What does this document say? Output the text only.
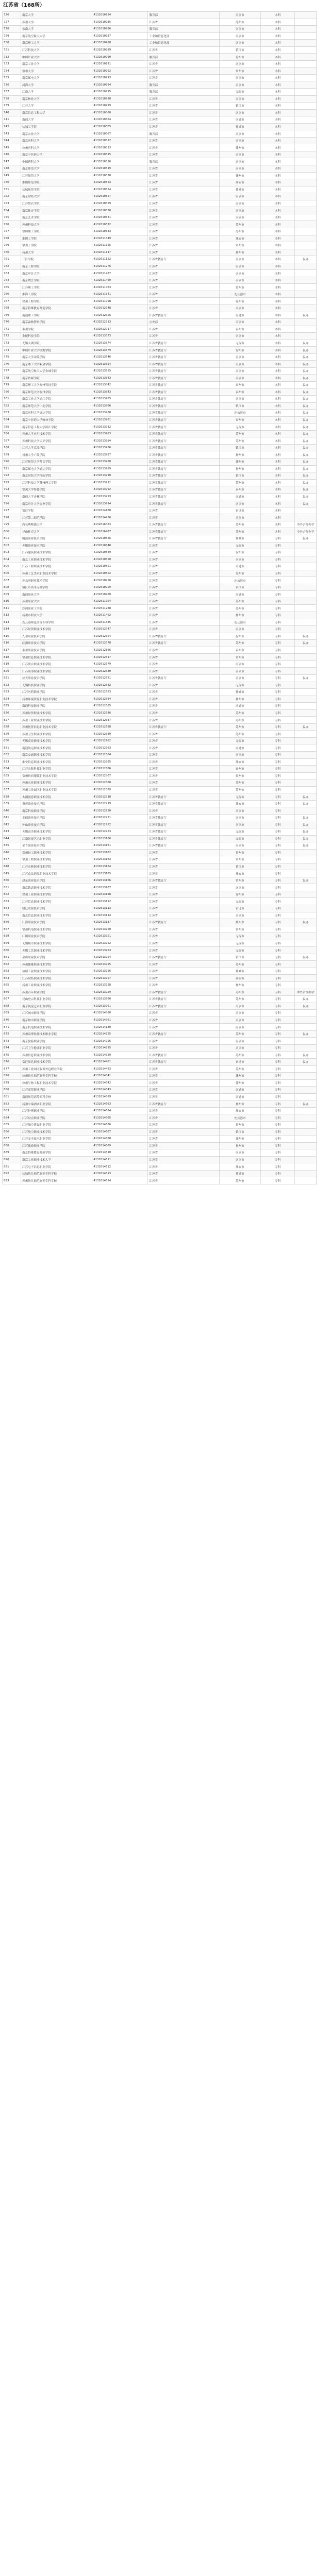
江苏省（168所）
726	南京大学	4132010284	教育部	南京市	本科	
727	苏州大学	4132010285	江苏省	苏州市	本科	
728	东南大学	4132010286	教育部	南京市	本科	
729	南京航空航天大学	4132010287	工业和信息化部	南京市	本科	
730	南京理工大学	4132010288	工业和信息化部	南京市	本科	
731	江苏科技大学	4132010289	江苏省	镇江市	本科	
732	中国矿业大学	4132010290	教育部	徐州市	本科	
733	南京工业大学	4132010291	江苏省	南京市	本科	
734	常州大学	4132010292	江苏省	常州市	本科	
735	南京邮电大学	4132010293	江苏省	南京市	本科	
736	河海大学	4132010294	教育部	南京市	本科	
737	江南大学	4132010295	教育部	无锡市	本科	
738	南京林业大学	4132010298	江苏省	南京市	本科	
739	江苏大学	4132010299	江苏省	镇江市	本科	
740	南京信息工程大学	4132010300	江苏省	南京市	本科	
741	南通大学	4132010304	江苏省	南通市	本科	
742	盐城工学院	4132010305	江苏省	盐城市	本科	
743	南京农业大学	4132010307	教育部	南京市	本科	
744	南京医科大学	4132010312	江苏省	南京市	本科	
745	徐州医科大学	4132010313	江苏省	徐州市	本科	
746	南京中医药大学	4132010315	江苏省	南京市	本科	
747	中国药科大学	4132010316	教育部	南京市	本科	
748	南京师范大学	4132010319	江苏省	南京市	本科	
749	江苏师范大学	4132010320	江苏省	徐州市	本科	
750	淮阴师范学院	4132010323	江苏省	淮安市	本科	
751	盐城师范学院	4132010324	江苏省	盐城市	本科	
752	南京财经大学	4132010327	江苏省	南京市	本科	
753	江苏警官学院	4132010329	江苏省	南京市	本科	
754	南京体育学院	4132010330	江苏省	南京市	本科	
755	南京艺术学院	4132010331	江苏省	南京市	本科	
756	苏州科技大学	4132010332	江苏省	苏州市	本科	
757	常熟理工学院	4132010333	江苏省	苏州市	本科	
758	淮阴工学院	4132011049	江苏省	淮安市	本科	
759	常州工学院	4132011055	江苏省	常州市	本科	
760	扬州大学	4132011117	江苏省	扬州市	本科	
761	三江学院	4132011122	江苏省教育厅	南京市	本科	民办
762	南京工程学院	4132011276	江苏省	南京市	本科	
763	南京审计大学	4132011287	江苏省	南京市	本科	
764	南京晓庄学院	4132011460	江苏省	南京市	本科	
765	江苏理工学院	4132011463	江苏省	常州市	本科	
766	淮海工学院	4132011641	江苏省	连云港市	本科	
767	徐州工程学院	4132011998	江苏省	徐州市	本科	
768	南京特殊教育师范学院	4132012048	江苏省	南京市	本科	
769	南通理工学院	4132012056	江苏省教育厅	南通市	本科	民办
770	南京森林警察学院	4132012213	公安部	南京市	本科	
771	泰州学院	4132012917	江苏省	泰州市	本科	
772	金陵科技学院	4132013573	江苏省	南京市	本科	
773	无锡太湖学院	4132013574	江苏省教育厅	无锡市	本科	民办
774	中国矿业大学徐海学院	4132013579	江苏省教育厅	徐州市	本科	民办
775	南京大学金陵学院	4132013646	江苏省教育厅	南京市	本科	民办
776	南京理工大学紫金学院	4132013654	江苏省教育厅	南京市	本科	民办
777	南京航空航天大学金城学院	4132013655	江苏省教育厅	南京市	本科	民办
778	南京传媒学院	4132013843	江苏省教育厅	南京市	本科	民办
779	南京理工大学泰州科技学院	4132013842	江苏省教育厅	泰州市	本科	民办
780	南京师范大学泰州学院	4132013843	江苏省教育厅	泰州市	本科	民办
781	南京工业大学浦江学院	4132013905	江苏省教育厅	南京市	本科	民办
782	南京师范大学中北学院	4132013906	江苏省教育厅	镇江市	本科	民办
783	南京医科大学康达学院	4132013980	江苏省教育厅	连云港市	本科	民办
784	南京中医药大学翰林学院	4132013981	江苏省教育厅	泰州市	本科	民办
785	南京信息工程大学滨江学院	4132013982	江苏省教育厅	无锡市	本科	民办
786	苏州大学应用技术学院	4132013983	江苏省教育厅	苏州市	本科	民办
787	苏州科技大学天平学院	4132013984	江苏省教育厅	苏州市	本科	民办
788	江苏大学京江学院	4132013986	江苏省教育厅	镇江市	本科	民办
789	扬州大学广陵学院	4132013987	江苏省教育厅	扬州市	本科	民办
790	江苏师范大学科文学院	4132013988	江苏省教育厅	徐州市	本科	民办
791	南京邮电大学通达学院	4132013989	江苏省教育厅	扬州市	本科	民办
792	南京财经大学红山学院	4132013990	江苏省教育厅	镇江市	本科	民办
793	江苏科技大学苏州理工学院	4132013991	江苏省教育厅	苏州市	本科	民办
794	常州大学怀德学院	4132013992	江苏省教育厅	泰州市	本科	民办
795	南通大学杏林学院	4132013993	江苏省教育厅	南通市	本科	民办
796	南京审计大学金审学院	4132013994	江苏省教育厅	南京市	本科	民办
797	宿迁学院	4132014160	江苏省	宿迁市	本科	
798	江苏第二师范学院	4132014436	江苏省	南京市	本科	
799	西交利物浦大学	4132016403	江苏省教育厅	苏州市	本科	中外合作办学
800	昆山杜克大学	4132016407	江苏省教育厅	苏州市	本科	中外合作办学
801	明达职业技术学院	4132010826	江苏省教育厅	盐城市	专科	民办
802	无锡职业技术学院	4132010848	江苏省	无锡市	专科	
803	江苏建筑职业技术学院	4132010849	江苏省	徐州市	专科	
804	南京工业职业技术学院	4132010850	江苏省	南京市	专科	
805	江苏工程职业技术学院	4132010851	江苏省	南通市	专科	
806	苏州工艺美术职业技术学院	4132010852	江苏省	苏州市	专科	
807	连云港职业技术学院	4132010958	江苏省	连云港市	专科	
808	镇江市高等专科学校	4132010959	江苏省	镇江市	专科	
809	南通职业大学	4132010960	江苏省	南通市	专科	
810	苏州职业大学	4132011054	江苏省	苏州市	专科	
811	沙洲职业工学院	4132011288	江苏省	苏州市	专科	
812	扬州市职业大学	4132011462	江苏省	扬州市	专科	
813	连云港师范高等专科学校	4132011585	江苏省	连云港市	专科	
814	江苏经贸职业技术学院	4132012047	江苏省	南京市	专科	
815	九州职业技术学院	4132012054	江苏省教育厅	徐州市	专科	民办
816	硅湖职业技术学院	4132012078	江苏省教育厅	苏州市	专科	民办
817	泰州职业技术学院	4132012106	江苏省	泰州市	专科	
818	常州信息职业技术学院	4132012317	江苏省	常州市	专科	
819	江苏联合职业技术学院	4132012679	江苏省	南京市	专科	
820	江苏海事职业技术学院	4132012680	江苏省	南京市	专科	
821	应天职业技术学院	4132012681	江苏省教育厅	南京市	专科	民办
822	无锡科技职业学院	4132012682	江苏省	无锡市	专科	
823	江苏医药职业学院	4132012683	江苏省	盐城市	专科	
824	扬州环境资源职业技术学院	4132012684	江苏省	扬州市	专科	
825	南通科技职业学院	4132012685	江苏省	南通市	专科	
826	苏州经贸职业技术学院	4132012686	江苏省	苏州市	专科	
827	苏州工业职业技术学院	4132012687	江苏省	苏州市	专科	
828	苏州托普信息职业技术学院	4132012688	江苏省教育厅	苏州市	专科	民办
829	苏州卫生职业技术学院	4132012689	江苏省	苏州市	专科	
830	无锡商业职业技术学院	4132012702	江苏省	无锡市	专科	
831	南通航运职业技术学院	4132012703	江苏省	南通市	专科	
832	南京交通职业技术学院	4132012804	江苏省	南京市	专科	
833	淮安信息职业技术学院	4132012805	江苏省	淮安市	专科	
834	江苏农牧科技职业学院	4132012806	江苏省	泰州市	专科	
835	常州纺织服装职业技术学院	4132012807	江苏省	常州市	专科	
836	苏州农业职业技术学院	4132012808	江苏省	苏州市	专科	
837	苏州工业园区职业技术学院	4132012809	江苏省	苏州市	专科	
838	太湖创意职业技术学院	4132012918	江苏省教育厅	无锡市	专科	民办
839	炎黄职业技术学院	4132012919	江苏省教育厅	淮安市	专科	民办
840	南京科技职业学院	4132012920	江苏省	南京市	专科	
841	正德职业技术学院	4132012921	江苏省教育厅	南京市	专科	民办
842	钟山职业技术学院	4132012922	江苏省教育厅	南京市	专科	民办
843	无锡南洋职业技术学院	4132012923	江苏省教育厅	无锡市	专科	民办
844	江南影视艺术职业学院	4132013100	江苏省教育厅	无锡市	专科	民办
845	金肯职业技术学院	4132013101	江苏省教育厅	南京市	专科	民办
846	常州轻工职业技术学院	4132013102	江苏省	常州市	专科	
847	常州工程职业技术学院	4132013103	江苏省	常州市	专科	
848	江苏农林职业技术学院	4132013104	江苏省	镇江市	专科	
849	江苏食品药品职业技术学院	4132013105	江苏省	淮安市	专科	
850	建东职业技术学院	4132013106	江苏省教育厅	常州市	专科	民办
851	南京铁道职业技术学院	4132013107	江苏省	南京市	专科	
852	徐州工业职业技术学院	4132013108	江苏省	徐州市	专科	
853	江苏信息职业技术学院	4132013112	江苏省	无锡市	专科	
854	宿迁职业技术学院	4132013113	江苏省	宿迁市	专科	
855	南京信息职业技术学院	4132013114	江苏省	南京市	专科	
856	江海职业技术学院	4132013137	江苏省教育厅	扬州市	专科	民办
857	常州机电职业技术学院	4132013750	江苏省	常州市	专科	
858	江阴职业技术学院	4132013751	江苏省	无锡市	专科	
859	无锡城市职业技术学院	4132013752	江苏省	无锡市	专科	
860	无锡工艺职业技术学院	4132013753	江苏省	无锡市	专科	
861	金山职业技术学院	4132013754	江苏省教育厅	镇江市	专科	民办
862	苏州健雄职业技术学院	4132013755	江苏省	苏州市	专科	
863	盐城工业职业技术学院	4132013756	江苏省	盐城市	专科	
864	江苏财经职业技术学院	4132013757	江苏省	淮安市	专科	
865	扬州工业职业技术学院	4132013758	江苏省	扬州市	专科	
866	苏州百年职业学院	4132013759	江苏省教育厅	苏州市	专科	中外合作办学
867	昆山登云科技职业学院	4132013760	江苏省教育厅	苏州市	专科	民办
868	南京视觉艺术职业学院	4132013761	江苏省教育厅	南京市	专科	民办
869	江苏城市职业学院	4132014000	江苏省	南京市	专科	
870	南京城市职业学院	4132014001	江苏省	南京市	专科	
871	南京机电职业技术学院	4132014180	江苏省	南京市	专科	
872	苏州高博软件技术职业学院	4132014255	江苏省教育厅	苏州市	专科	民办
873	南京旅游职业学院	4132014256	江苏省	南京市	专科	
874	江苏卫生健康职业学院	4132014295	江苏省	南京市	专科	
875	苏州信息职业技术学院	4132014329	江苏省教育厅	苏州市	专科	民办
876	宿迁泽达职业技术学院	4132014401	江苏省教育厅	宿迁市	专科	民办
877	苏州工业园区服务外包职业学院	4132014493	江苏省	苏州市	专科	
878	徐州幼儿师范高等专科学校	4132014541	江苏省	徐州市	专科	
879	徐州生物工程职业技术学院	4132014542	江苏省	徐州市	专科	
880	江苏商贸职业学院	4132014543	江苏省	南通市	专科	
881	南通师范高等专科学校	4132014589	江苏省	南通市	专科	
882	扬州中瑞酒店职业学院	4132014603	江苏省教育厅	扬州市	专科	民办
883	江苏护理职业学院	4132014604	江苏省	淮安市	专科	
884	江苏财会职业学院	4132014605	江苏省	连云港市	专科	
885	江苏城乡建设职业学院	4132014606	江苏省	常州市	专科	
886	江苏航空职业技术学院	4132014607	江苏省	镇江市	专科	
887	江苏安全技术职业学院	4132014608	江苏省	徐州市	专科	
888	江苏旅游职业学院	4132014609	江苏省	扬州市	专科	
889	南京特殊教育师范学院	4132014610	江苏省	南京市	专科	
890	南京工业职业技术大学	4132014611	江苏省	南京市	专科	
891	江苏电子信息职业学院	4132014612	江苏省	淮安市	专科	
892	盐城幼儿师范高等专科学校	4132014613	江苏省	盐城市	专科	
893	苏州幼儿师范高等专科学校	4132014614	江苏省	苏州市	专科	
